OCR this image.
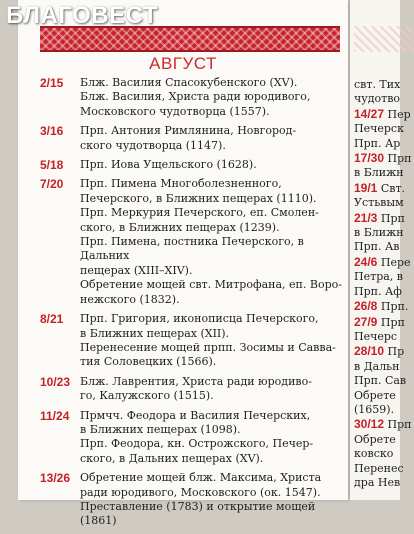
АВГУСТ
2/15	Блж. Василия Спасокубенского (XV).
Блж. Василия, Христа ради юродивого,
Московского чудотворца (1557).
3/16	Прп. Антония Римлянина, Новгород-
ского чудотворца (1147).
5/18	Прп. Иова Ущельского (1628).
7/20	Прп. Пимена Многоболезненного,
Печерского, в Ближних пещерах (1110).
Прп. Меркурия Печерского, еп. Смолен-
ского, в Ближних пещерах (1239).
Прп. Пимена, постника Печерского, в Дальних
пещерах (XIII–XIV).
Обретение мощей свт. Митрофана, еп. Воро-
нежского (1832).
8/21	Прп. Григория, иконописца Печерского,
в Ближних пещерах (XII).
Перенесение мощей прпп. Зосимы и Савва-
тия Соловецких (1566).
10/23 Блж. Лаврентия, Христа ради юродиво-
го, Калужского (1515).
11/24 Прмчч. Феодора и Василия Печерских,
в Ближних пещерах (1098).
Прп. Феодора, кн. Острожского, Печер-
ского, в Дальних пещерах (XV).
13/26 Обретение мощей блж. Максима, Христа
ради юродивого, Московского (ок. 1547).
Преставление (1783) и открытие мощей (1861)
свт. Тих
чудотво
14/27 Пер
Печерск
Прп. Ар
17/30 Прп
в Ближн
19/1 Свт.
Устьвым
21/3 Прп
в Ближн
Прп. Ав
24/6 Пере
Петра, в
Прп. Аф
26/8 Прп.
27/9 Прп
Печерс
28/10 Пр
в Дальн
Прп. Сав
Обрете
(1659).
30/12 Прп
Обрете
ковско
Перенес
дра Нев
БЛАГОВЕСТ
